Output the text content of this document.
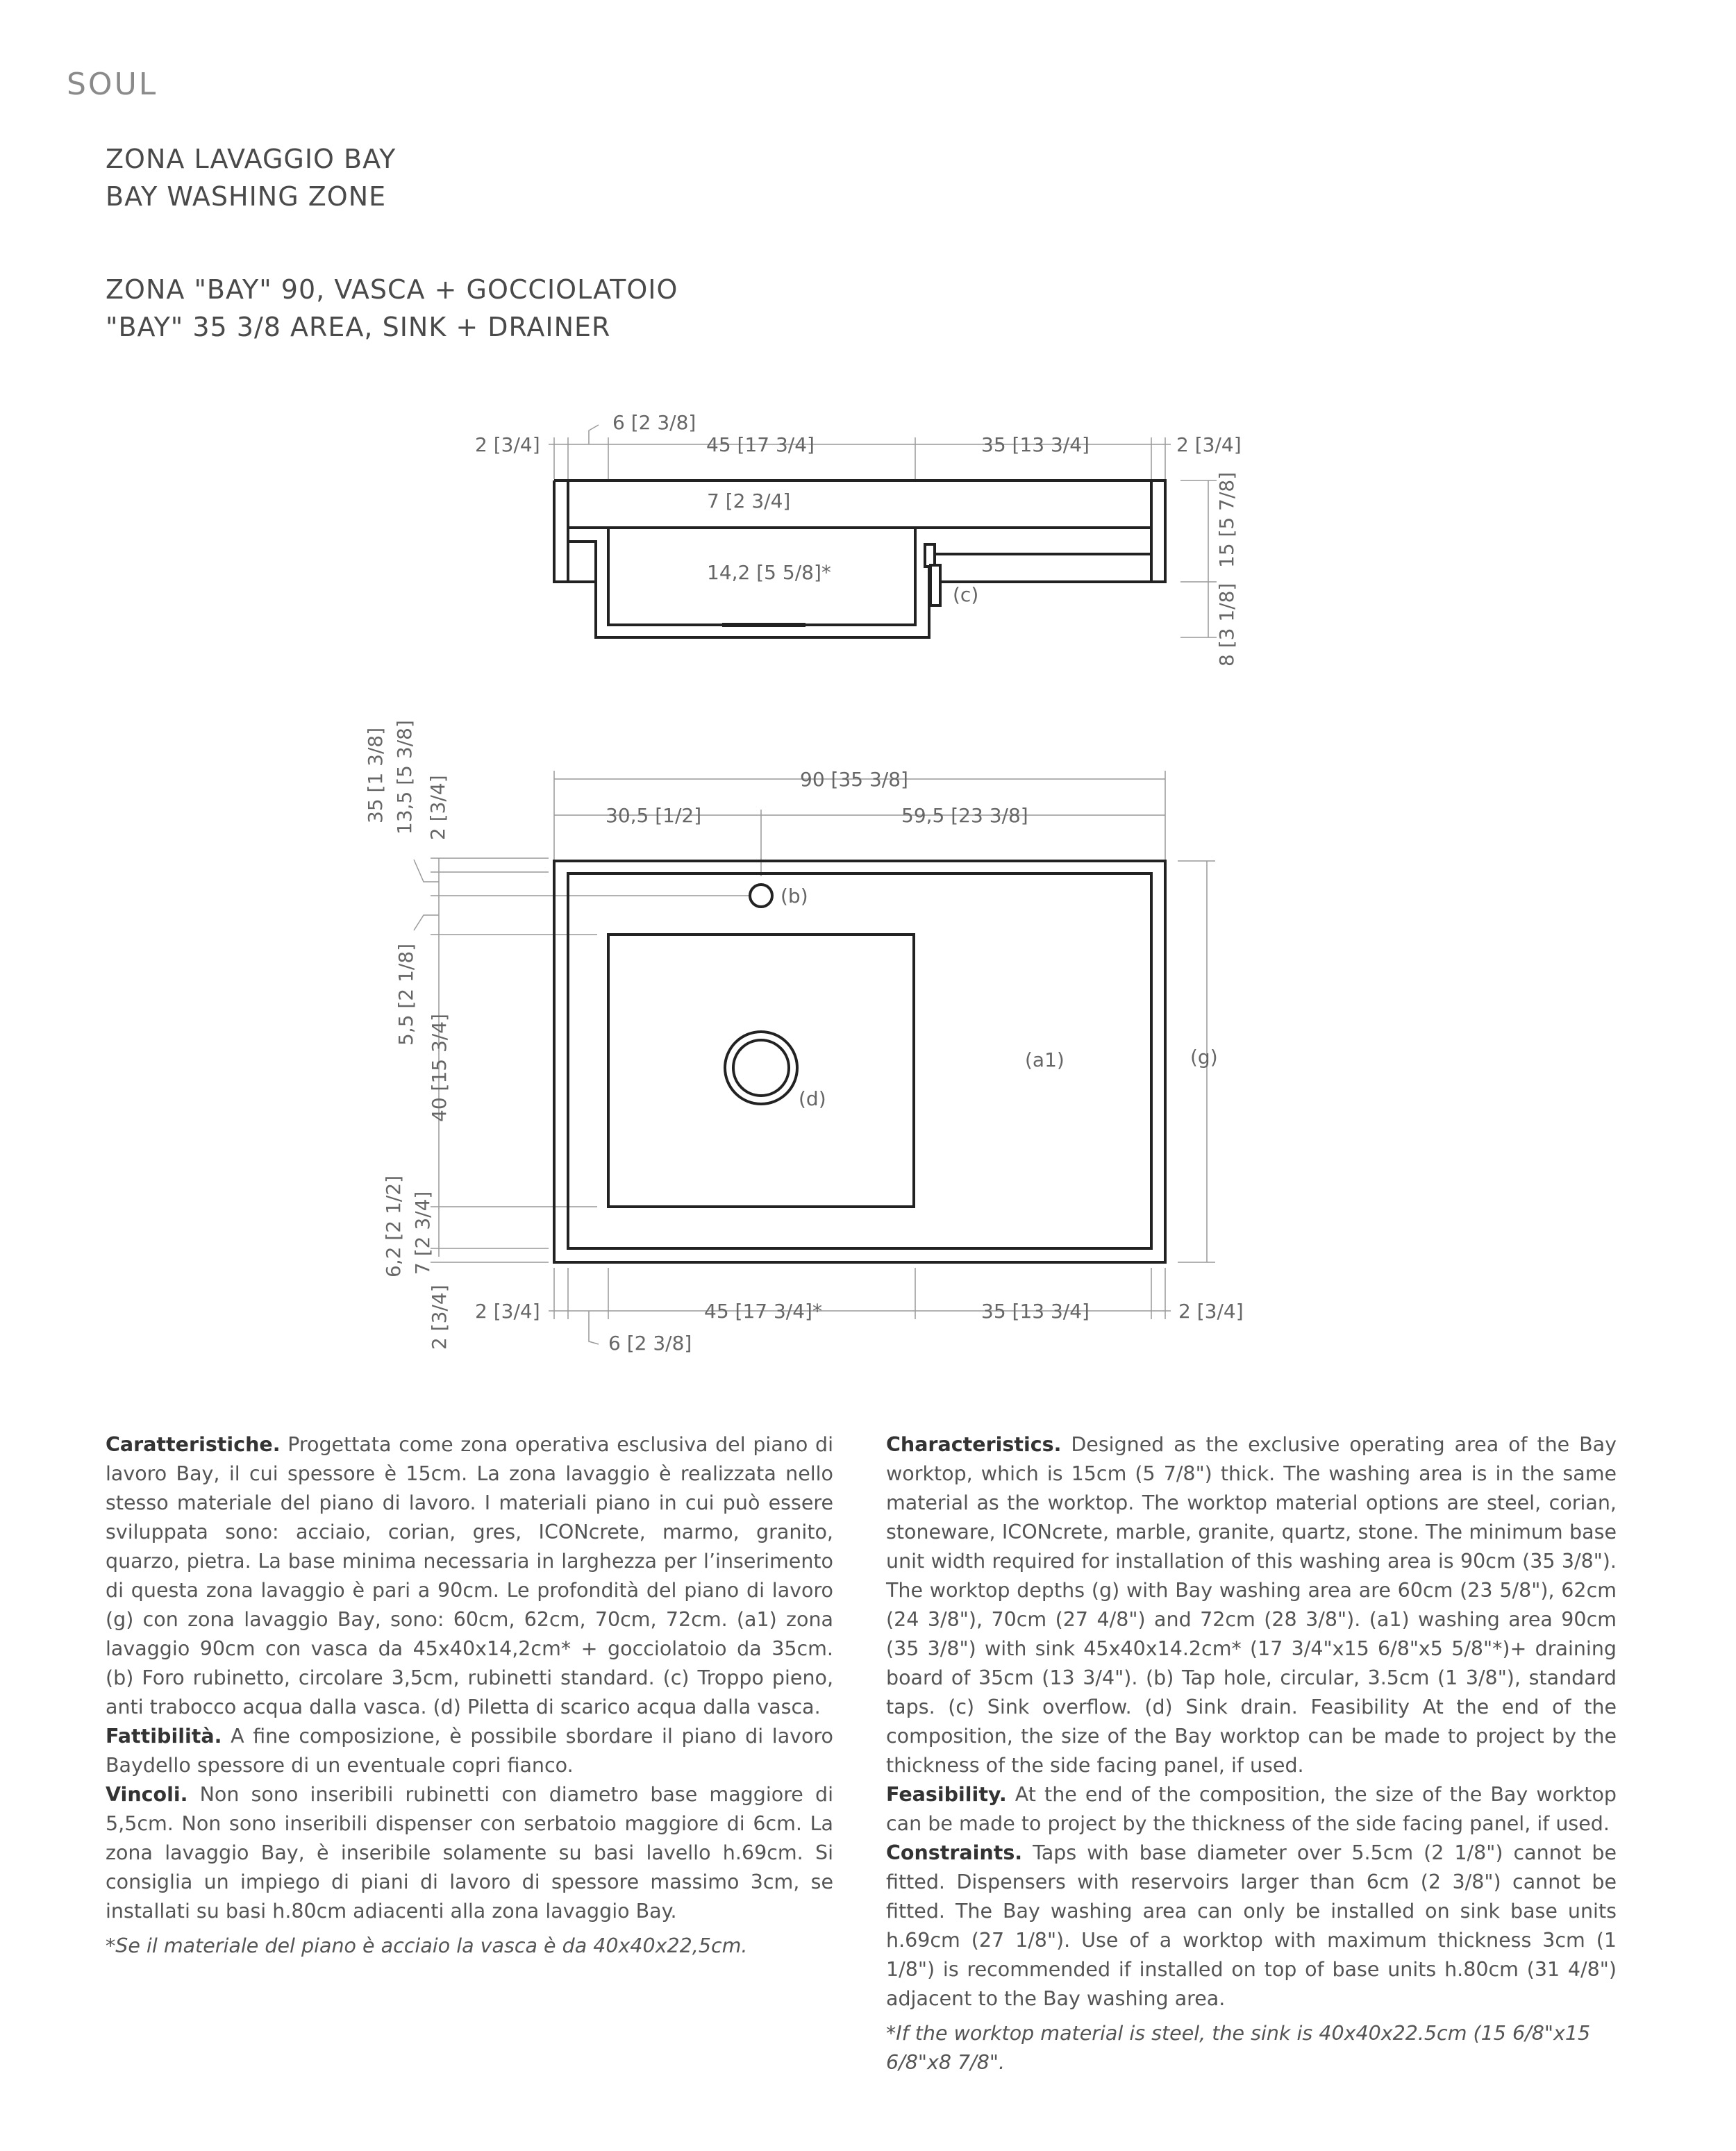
SOUL
ZONA LAVAGGIO BAY
BAY WASHING ZONE
ZONA "BAY" 90, VASCA + GOCCIOLATOIO
"BAY" 35 3/8 AREA, SINK + DRAINER
2 [3/4]
6 [2 3/8]
45 [17 3/4]	35 [13 3/4]	2 [3/4]
7 [2 3/4]
14,2 [5 5/8]*
(c)
15 [5 7/8]
8 [3 1/8]
90 [35 3/8]
30,5 [1/2]	59,5 [23 3/8]
35 [1 3/8] 13,5 [5 3/8] 2 [3/4]
5,5 [2 1/8]
40 [15 3/4]
6,2 [2 1/2] 7 [2 3/4]
2 [3/4]
(b)
(d)
(a1)	(g)
2 [3/4]	45 [17 3/4]*	35 [13 3/4]	2 [3/4]
6 [2 3/8]

Caratteristiche. Progettata come zona operativa esclusiva del piano di lavoro Bay, il cui spessore è 15cm. La zona lavaggio è realizzata nello stesso materiale del piano di lavoro. I materiali piano in cui può essere sviluppata sono: acciaio, corian, gres, ICONcrete, marmo, granito, quarzo, pietra. La base minima necessaria in larghezza per l’inserimento di questa zona lavaggio è pari a 90cm. Le profondità del piano di lavoro (g) con zona lavaggio Bay, sono: 60cm, 62cm, 70cm, 72cm. (a1) zona lavaggio 90cm con vasca da 45x40x14,2cm* + gocciolatoio da 35cm. (b) Foro rubinetto, circolare 3,5cm, rubinetti standard. (c) Troppo pieno, anti trabocco acqua dalla vasca. (d) Piletta di scarico acqua dalla vasca.

Fattibilità. A fine composizione, è possibile sbordare il piano di lavoro Baydello spessore di un eventuale copri fianco.

Vincoli. Non sono inseribili rubinetti con diametro base maggiore di 5,5cm. Non sono inseribili dispenser con serbatoio maggiore di 6cm. La zona lavaggio Bay, è inseribile solamente su basi lavello h.69cm. Si consiglia un impiego di piani di lavoro di spessore massimo 3cm, se installati su basi h.80cm adiacenti alla zona lavaggio Bay.

*Se il materiale del piano è acciaio la vasca è da 40x40x22,5cm.

Characteristics. Designed as the exclusive operating area of the Bay worktop, which is 15cm (5 7/8") thick. The washing area is in the same material as the worktop. The worktop material options are steel, corian, stoneware, ICONcrete, marble, granite, quartz, stone. The minimum base unit width required for installation of this washing area is 90cm (35 3/8"). The worktop depths (g) with Bay washing area are 60cm (23 5/8"), 62cm (24 3/8"), 70cm (27 4/8") and 72cm (28 3/8"). (a1) washing area 90cm (35 3/8") with sink 45x40x14.2cm* (17 3/4"x15 6/8"x5 5/8"*)+ draining board of 35cm (13 3/4"). (b) Tap hole, circular, 3.5cm (1 3/8"), standard taps. (c) Sink overflow. (d) Sink drain. Feasibility At the end of the composition, the size of the Bay worktop can be made to project by the thickness of the side facing panel, if used.

Feasibility. At the end of the composition, the size of the Bay worktop can be made to project by the thickness of the side facing panel, if used.

Constraints. Taps with base diameter over 5.5cm (2 1/8") cannot be fitted. Dispensers with reservoirs larger than 6cm (2 3/8") cannot be fitted. The Bay washing area can only be installed on sink base units h.69cm (27 1/8"). Use of a worktop with maximum thickness 3cm (1 1/8") is recommended if installed on top of base units h.80cm (31 4/8") adjacent to the Bay washing area.

*If the worktop material is steel, the sink is 40x40x22.5cm (15 6/8"x15 6/8"x8 7/8".
